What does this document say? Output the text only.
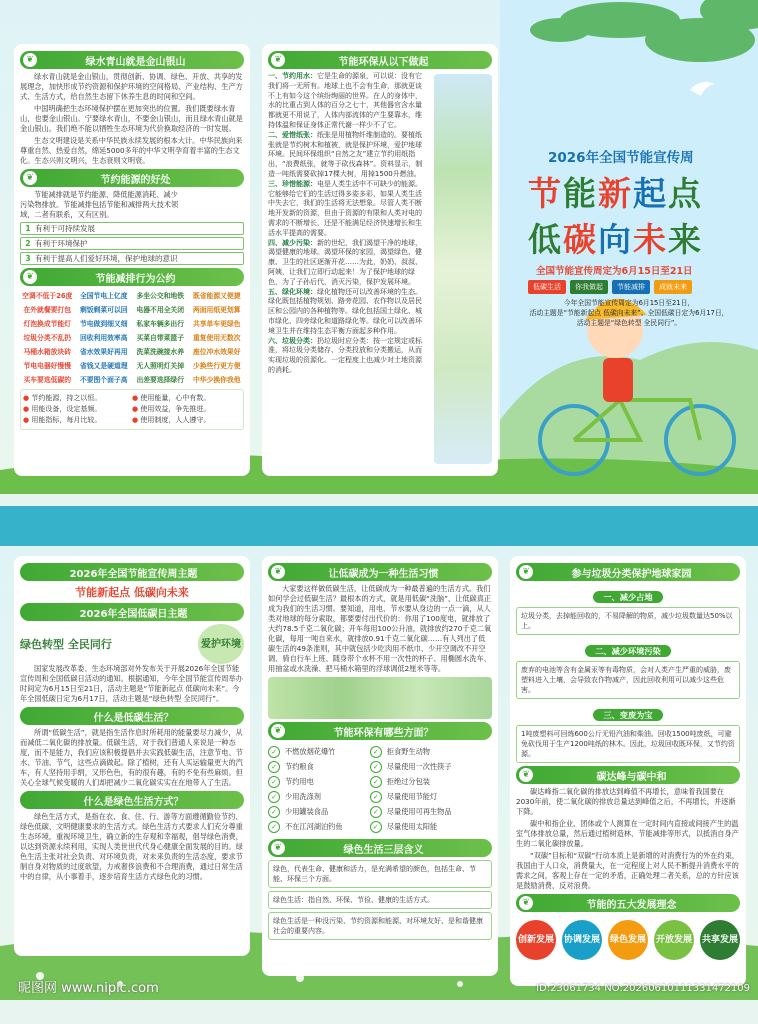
❦	绿水青山就是金山银山

绿水青山就是金山银山，贯彻创新、协调、绿色、开放、共享的发展理念，加快形成节约资源和保护环境的空间格局、产业结构、生产方式、生活方式，给自然生态留下休养生息的时间和空间。

中国明确把生态环境保护摆在更加突出的位置。我们既要绿水青山，也要金山银山。宁要绿水青山，不要金山银山，而且绿水青山就是金山银山。我们绝不能以牺牲生态环境为代价换取经济的一时发展。

生态文明建设是关系中华民族永续发展的根本大计。中华民族向来尊重自然、热爱自然，绵延5000多年的中华文明孕育着丰富的生态文化。生态兴则文明兴，生态衰则文明衰。

❦	节约能源的好处

节能减排就是节约能源、降低能源消耗、减少污染物排放。节能减排包括节能和减排两大技术领域，二者有联系，又有区别。

1 有利于可持续发展
2 有利于环境保护
3 有利于提高人们爱好环境，保护地球的意识
❦	节能减排行为公约
空调不低于26度	全国节电上亿度	多坐公交和地铁	既省能源又便捷
在外就餐要打包	剩饭剩菜可以回	电器不用全关闭	两面用纸更划算
灯泡换成节能灯	节电做到细又细	私家车辆多出行	共享单车更绿色
垃圾分类不乱扔	回收利用效率高	买菜自带菜篮子	重复使用无数次
马桶水箱放块砖	省水效果好再用	洗菜洗碗接水养	座位冲水效果好
节电电器好慢慢	省钱又是硬道理	无人照明灯关掉	少换些行更方便
买车要选低碳的	不要图个面子高	出差要选择绿行	中华少换你我他
● 节约能源，持之以恒。	● 使用能量，心中有数。
● 用能设备，设定基频。	● 使用效益，争先推进。
● 用能指标，每月比较。	● 使用制度，人人遵守。
❦	节能环保从以下做起
一、节约用水：它是生命的源泉，可以说：没有它我们将一无所有。地球上也不会有生命，那就更谈不上有如今这个缤纷绚丽的世界。在人的身体中，水的比重占到人体的百分之七十，其他器官含水量都就更不用说了，人体内部流体的产生要靠水，维持体温和保证身体正常代谢一样少不了它。
二、爱惜纸张：纸张是用植物纤维制造的。要植纸张就是节约树木和植被，就是保护环境，爱护地球环境。民间环保组织“自然之友”建立节约用纸指出，“浪费纸张，就等于砍伐森林”。资料显示，制造一吨纸需要砍掉17棵大树，用掉1500升燃油。
三、珍惜能源：电是人类生活中不可缺少的能源。它能够给它们的生活过得多姿多彩，如果人类生活中失去它，我们的生活将无法想象。尽管人类不断地开发新的资源，但由于资源的有限和人类对电的需求的不断增长，还是不能满足经济快速增长和生活水平提高的需要。
四、减少污染：新的世纪，我们渴望干净的地球，渴望健康的地球。渴望环保的家园，渴望绿色、健康、卫生的社区逐渐开花……为此，奶奶、叔叔、阿姨，让我们立即行动起来！为了保护地球的绿色，为了子孙后代，消灭污染，保护发展环境。
五、绿化环境：绿化植物还可以改善环境的生态。绿化既包括植物规划、路旁花园、农作物以及居民区和公园内的各种植物等。绿化包括国土绿化、城市绿化、四旁绿化和道路绿化等。绿化可以改善环境卫生并在维持生态平衡方面起多种作用。
六、垃圾分类：扔垃圾时应分类：按一定规定或标准，将垃圾分类储存、分类投放和分类搬运，从而实现垃圾的资源化。一定程度上也减少对土地资源的消耗。
2026年全国节能宣传周
节能新起点
低碳向未来
全国节能宣传周定为6月15日至21日
低碳生活	你我做起	节能减排	成就未来
今年全国节能宣传周定为6月15日至21日，
活动主题是“节能新起点 低碳向未来”。全国低碳日定为6月17日，
活动主题是“绿色转型 全民同行”。
2026年全国节能宣传周主题
节能新起点 低碳向未来
2026年全国低碳日主题
绿色转型 全民同行	爱护环境

国家发展改革委、生态环境部对外发布关于开展2026年全国节能宣传周和全国低碳日活动的通知。根据通知，今年全国节能宣传周举办时间定为6月15日至21日，活动主题是“节能新起点 低碳向未来”。今年全国低碳日定为6月17日，活动主题是“绿色转型 全民同行”。

什么是低碳生活？

所谓“低碳生活”，就是指生活作息时所耗用的能量要尽力减少，从而减低二氧化碳的排放量。低碳生活，对于我们普通人来说是一种态度，而不是能力，我们应该积极提倡并去实践低碳生活，注意节电、节水、节油、节气，这些点滴做起。除了植树，还有人买运输量更大的汽车，有人坚持用手绢，又形色色，有的很有趣，有的不免有些麻烦。但关心全球气候变暖的人们却把减少二氧化碳实实在在地带入了生活。

什么是绿色生活方式？

绿色生活方式，是指在衣、食、住、行、游等方面遵循勤俭节约、绿色低碳、文明健康要求的生活方式。绿色生活方式要求人们充分尊重生态环境，重视环境卫生，确立新的生存观和幸福观，倡导绿色消费，以达到资源永续利用，实现人类世世代代身心健康全面发展的目的。绿色生活主张对社会负责、对环境负责，对未来负责的生活态度，要求节制自身对物质的过度欲望，力戒奢侈浪费和不合理消费，通过日常生活中的自律，从小事着手，逐步培育生活方式绿色化的习惯。

❦	让低碳成为一种生活习惯

大家要这样做低碳生活，让低碳成为一种最普遍的生活方式。我们如何学会过低碳生活？最根本的方式，就是用低碳“洗脑”，让低碳真正成为我们的生活习惯。要知道，用电、节水要从身边的一点一滴，从人类对地球的每分索取，都要要付出代价的：你用了100度电，就排放了大约78.5千克二氧化碳；开车每用100公升油，就排放约270千克二氧化碳，每用一吨自来水，就排放0.91千克二氧化碳……有人列出了低碳生活的49条准则，其中就包括少吃肉用不纸巾、少开空调改不开空调、骑自行车上班、随身带个水杯不用一次性的杯子、用椭圆水洗车、用抽盆或水洗澡、把马桶水箱里的浮球调低2厘米等等。

❦	节能环保有哪些方面？
✓	不燃放烟花爆竹
✓	节约粮食
✓	节约用电
✓	少用洗涤剂
✓	少用罐装食品
✓	不在江河湖泊钓鱼
✓	拒食野生动物
✓	尽量使用一次性筷子
✓	拒绝过分包装
✓	尽量使用节能灯
✓	尽量使用可再生物品
✓	尽量使用太阳能
❦	绿色生活三层含义
绿色，代表生命、健康和活力，是充满希望的颜色，包括生命、节能、环保三个方面。
绿色生活：指自然、环保、节俭、健康的生活方式。
绿色生活是一种没污染、节约资源和能源、对环境友好、是和谐健康社会的重要内容。
❦	参与垃圾分类保护地球家园
一、减少占地
垃圾分类，去掉能回收的，不易降解的物质，减少垃圾数量达50%以上。
二、减少环境污染
废弃的电池等含有金属汞等有毒物质，会对人类产生严重的威胁，废塑料进入土壤，会导致农作物减产，因此回收利用可以减少这些危害。
三、变废为宝
1吨废塑料可回炼600公斤无铅汽油和柴油。回收1500吨废纸，可避免砍伐用于生产1200吨纸的林木。因此，垃圾回收既环保，又节约资源。
❦	碳达峰与碳中和

碳达峰指二氧化碳的排放达到峰值不再增长，意味着我国要在2030年前，使二氧化碳的排放总量达到峰值之后，不再增长，并逐渐下降。

碳中和指企业、团体或个人测算在一定时间内直接或间接产生的温室气体排放总量，然后通过植树造林、节能减排等形式，以抵消自身产生的二氧化碳排放量。

“双碳”目标和“双碳”行动本质上是新增的对消费行为的外在约束，我国由于人口众，消费量大，在一定程度上对人民不断提升消费水平的需求之间，客观上存在一定的矛盾，正确处理二者关系，总的方针应该是鼓励消费，反对浪费。

❦	节能的五大发展理念
创新发展 协调发展 绿色发展 开放发展 共享发展
昵图网 www.nipic.com	ID:23061734 NO:20260610111331472109
